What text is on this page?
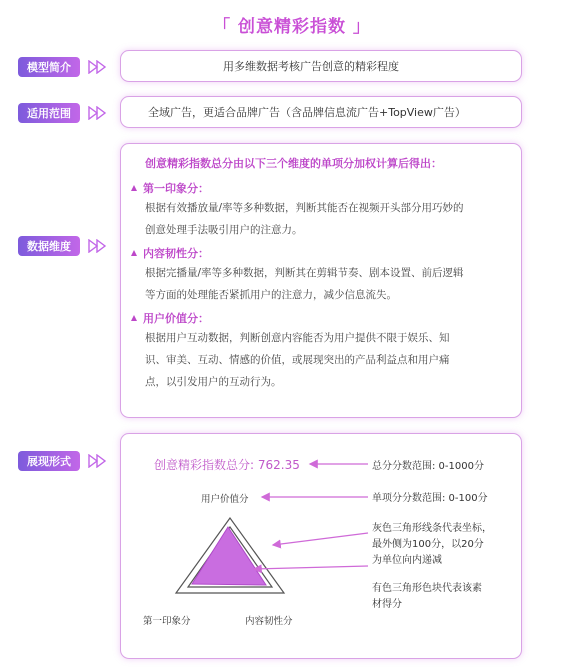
「 创意精彩指数 」
模型简介	用多维数据考核广告创意的精彩程度
适用范围	全域广告，更适合品牌广告（含品牌信息流广告+TopView广告）
数据维度
创意精彩指数总分由以下三个维度的单项分加权计算后得出：
第一印象分：
根据有效播放量/率等多种数据，判断其能否在视频开头部分用巧妙的
创意处理手法吸引用户的注意力。
内容韧性分：
根据完播量/率等多种数据，判断其在剪辑节奏、剧本设置、前后逻辑
等方面的处理能否紧抓用户的注意力，减少信息流失。
用户价值分：
根据用户互动数据，判断创意内容能否为用户提供不限于娱乐、知
识、审美、互动、情感的价值，或展现突出的产品利益点和用户痛
点，以引发用户的互动行为。
展现形式	创意精彩指数总分: 762.35
用户价值分
第一印象分	内容韧性分
总分分数范围: 0-1000分
单项分分数范围: 0-100分
灰色三角形线条代表坐标，
最外侧为100分，以20分
为单位向内递减
有色三角形色块代表该素
材得分
